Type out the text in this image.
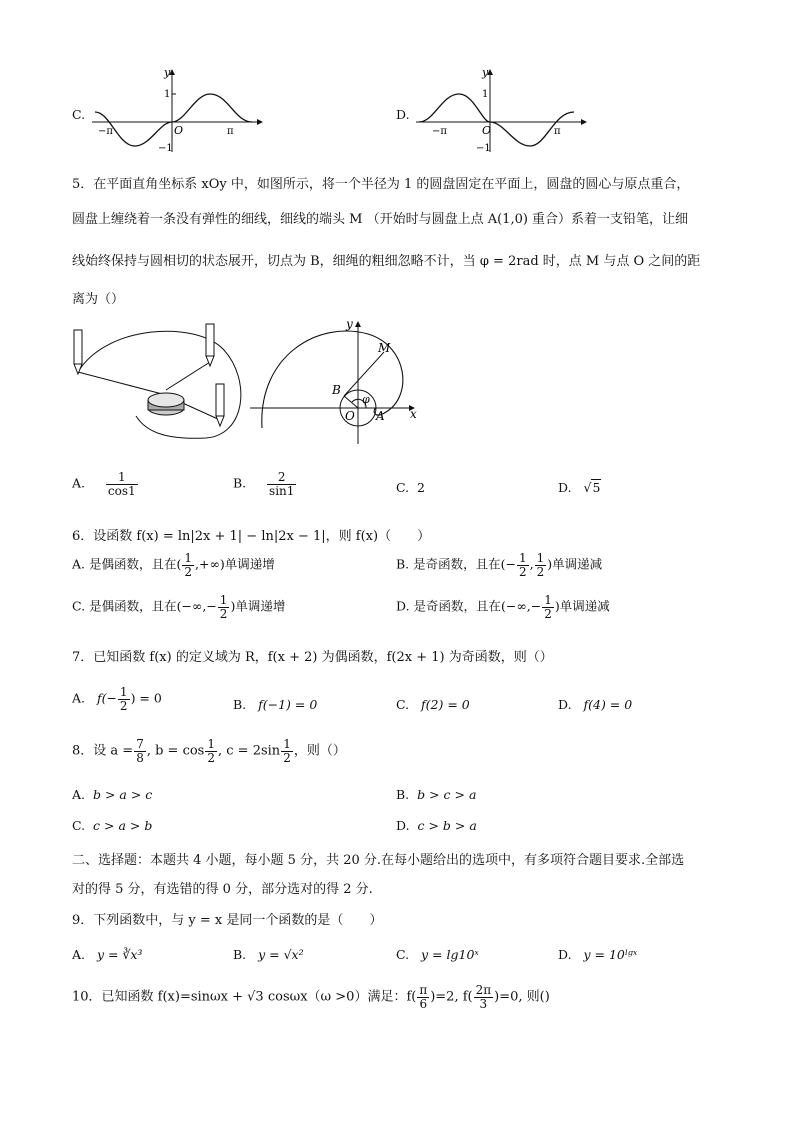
C.
y
1
O
−π	π
−1
D.
y
1
O
−π	π
−1
5．在平面直角坐标系 xOy 中，如图所示，将一个半径为 1 的圆盘固定在平面上，圆盘的圆心与原点重合，
圆盘上缠绕着一条没有弹性的细线，细线的端头 M （开始时与圆盘上点 A(1,0) 重合）系着一支铅笔，让细
线始终保持与圆相切的状态展开，切点为 B，细绳的粗细忽略不计，当 φ = 2rad 时，点 M 与点 O 之间的距
离为（）
y
x
M
B
O A
φ
A. $\frac{1}{\cos 1}$	B. $\frac{2}{\sin 1}$	C. 2	D.   √5
6．设函数 f(x) = ln|2x + 1| − ln|2x − 1|，则 f(x)（　　）
A. 是偶函数，且在( $\frac{1}{2}$ ,+∞)单调递增	B. 是奇函数，且在(− $\frac{1}{2}$ , $\frac{1}{2}$ )单调递减
C. 是偶函数，且在(−∞,− $\frac{1}{2}$ )单调递增	D. 是奇函数，且在(−∞,− $\frac{1}{2}$ )单调递减
7．已知函数 f(x) 的定义域为 R，f(x + 2) 为偶函数，f(2x + 1) 为奇函数，则（）
A. $f(- \frac{1}{2}$ ) = 0	B. f(−1) = 0	C. f(2) = 0	D. f(4) = 0
8．设 $a = \frac{7}{8}$ , $b = \cos \frac{1}{2}$ , $c = 2\sin \frac{1}{2}$ ，则（）
A. b > a > c	B. b > c > a
C. c > a > b	D. c > b > a
二、选择题：本题共 4 小题，每小题 5 分，共 20 分.在每小题给出的选项中，有多项符合题目要求.全部选
对的得 5 分，有选错的得 0 分，部分选对的得 2 分.
9．下列函数中，与 y = x 是同一个函数的是（　　）
A. y = ∛x³	B. y = √x²	C. y = lg10ˣ	D. y = 10ˡᵍˣ
10．已知函数 f(x)=sinωx + √3 cosωx（ω >0）满足：$f( \frac{\pi}{6} )=2$, $f( \frac{2\pi}{3} )=0$, 则()
